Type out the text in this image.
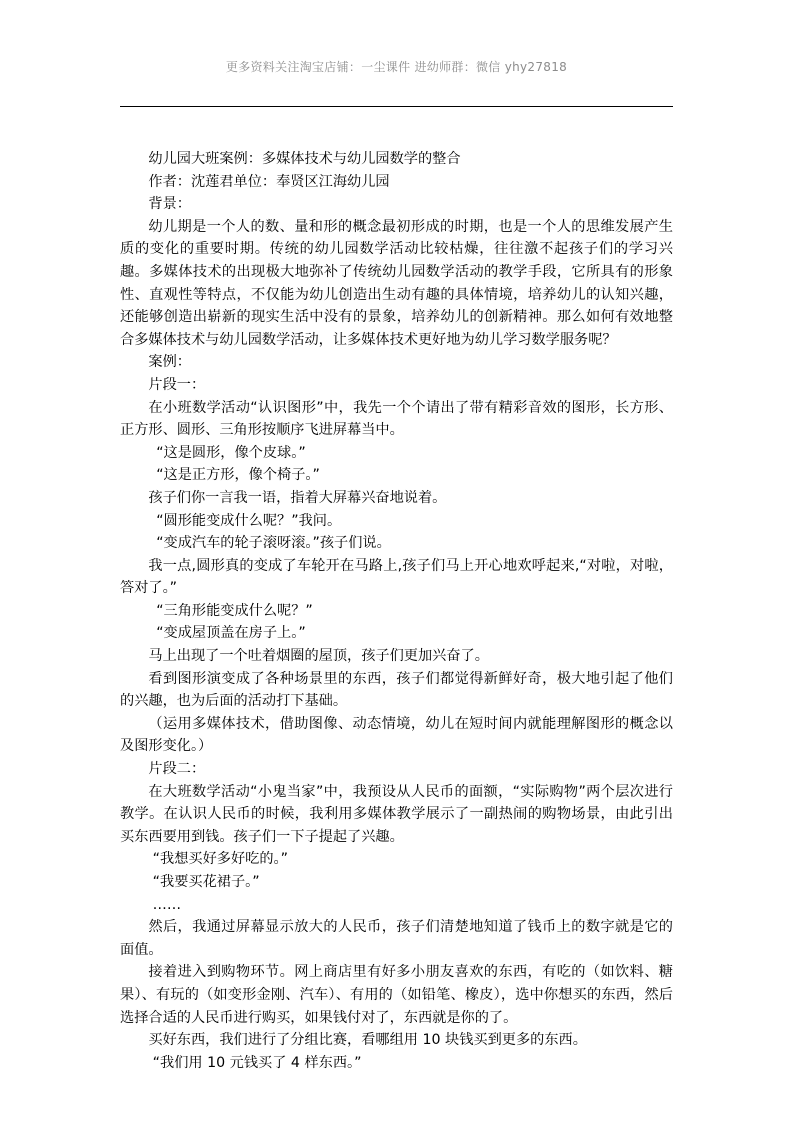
更多资料关注淘宝店铺：一尘课件 进幼师群：微信 yhy27818

幼儿园大班案例：多媒体技术与幼儿园数学的整合

作者：沈莲君单位：奉贤区江海幼儿园

背景：

幼儿期是一个人的数、量和形的概念最初形成的时期，也是一个人的思维发展产生质的变化的重要时期。传统的幼儿园数学活动比较枯燥，往往激不起孩子们的学习兴趣。多媒体技术的出现极大地弥补了传统幼儿园数学活动的教学手段，它所具有的形象性、直观性等特点，不仅能为幼儿创造出生动有趣的具体情境，培养幼儿的认知兴趣，还能够创造出崭新的现实生活中没有的景象，培养幼儿的创新精神。那么如何有效地整合多媒体技术与幼儿园数学活动，让多媒体技术更好地为幼儿学习数学服务呢？

案例：

片段一：

在小班数学活动“认识图形”中，我先一个个请出了带有精彩音效的图形，长方形、正方形、圆形、三角形按顺序飞进屏幕当中。

“这是圆形，像个皮球。”

“这是正方形，像个椅子。”

孩子们你一言我一语，指着大屏幕兴奋地说着。

“圆形能变成什么呢？”我问。

“变成汽车的轮子滚呀滚。”孩子们说。

我一点,圆形真的变成了车轮开在马路上,孩子们马上开心地欢呼起来,“对啦，对啦，答对了。”

“三角形能变成什么呢？”

“变成屋顶盖在房子上。”

马上出现了一个吐着烟圈的屋顶，孩子们更加兴奋了。

看到图形演变成了各种场景里的东西，孩子们都觉得新鲜好奇，极大地引起了他们的兴趣，也为后面的活动打下基础。

（运用多媒体技术，借助图像、动态情境，幼儿在短时间内就能理解图形的概念以及图形变化。）

片段二：

在大班数学活动“小鬼当家”中，我预设从人民币的面额，“实际购物”两个层次进行教学。在认识人民币的时候，我利用多媒体教学展示了一副热闹的购物场景，由此引出买东西要用到钱。孩子们一下子提起了兴趣。

“我想买好多好吃的。”

“我要买花裙子。”

……

然后，我通过屏幕显示放大的人民币，孩子们清楚地知道了钱币上的数字就是它的面值。

接着进入到购物环节。网上商店里有好多小朋友喜欢的东西，有吃的（如饮料、糖果）、有玩的（如变形金刚、汽车）、有用的（如铅笔、橡皮），选中你想买的东西，然后选择合适的人民币进行购买，如果钱付对了，东西就是你的了。

买好东西，我们进行了分组比赛，看哪组用 10 块钱买到更多的东西。

“我们用 10 元钱买了 4 样东西。”
